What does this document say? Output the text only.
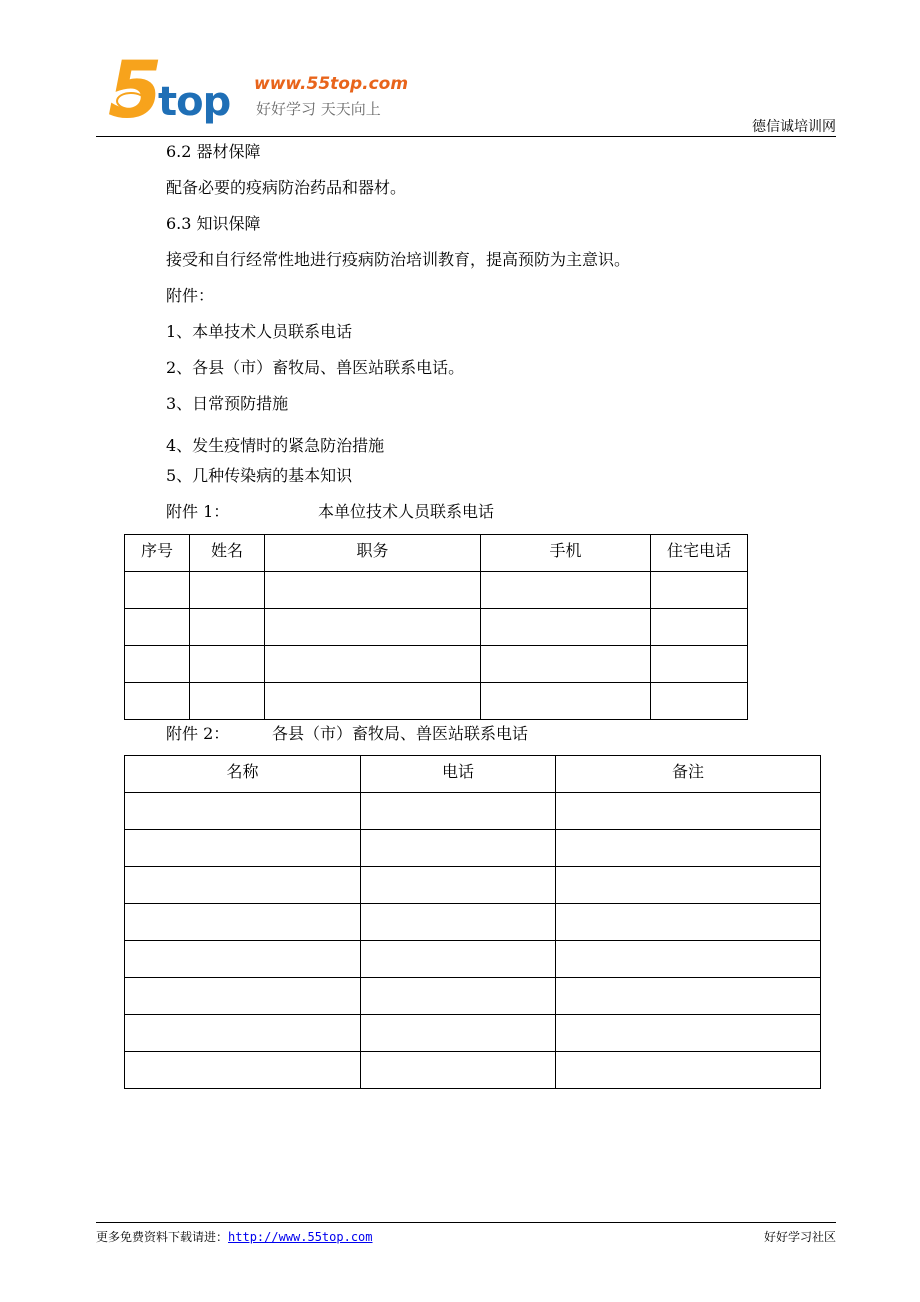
5
top www.55top.com
好好学习 天天向上
德信诚培训网
6.2 器材保障
配备必要的疫病防治药品和器材。
6.3 知识保障
接受和自行经常性地进行疫病防治培训教育，提高预防为主意识。
附件：
1、本单技术人员联系电话
2、各县（市）畜牧局、兽医站联系电话。
3、日常预防措施
4、发生疫情时的紧急防治措施
5、几种传染病的基本知识
附件 1：	本单位技术人员联系电话
序号	姓名	职务	手机	住宅电话

附件 2：	各县（市）畜牧局、兽医站联系电话
名称	电话	备注

更多免费资料下载请进：http://www.55top.com	好好学习社区
